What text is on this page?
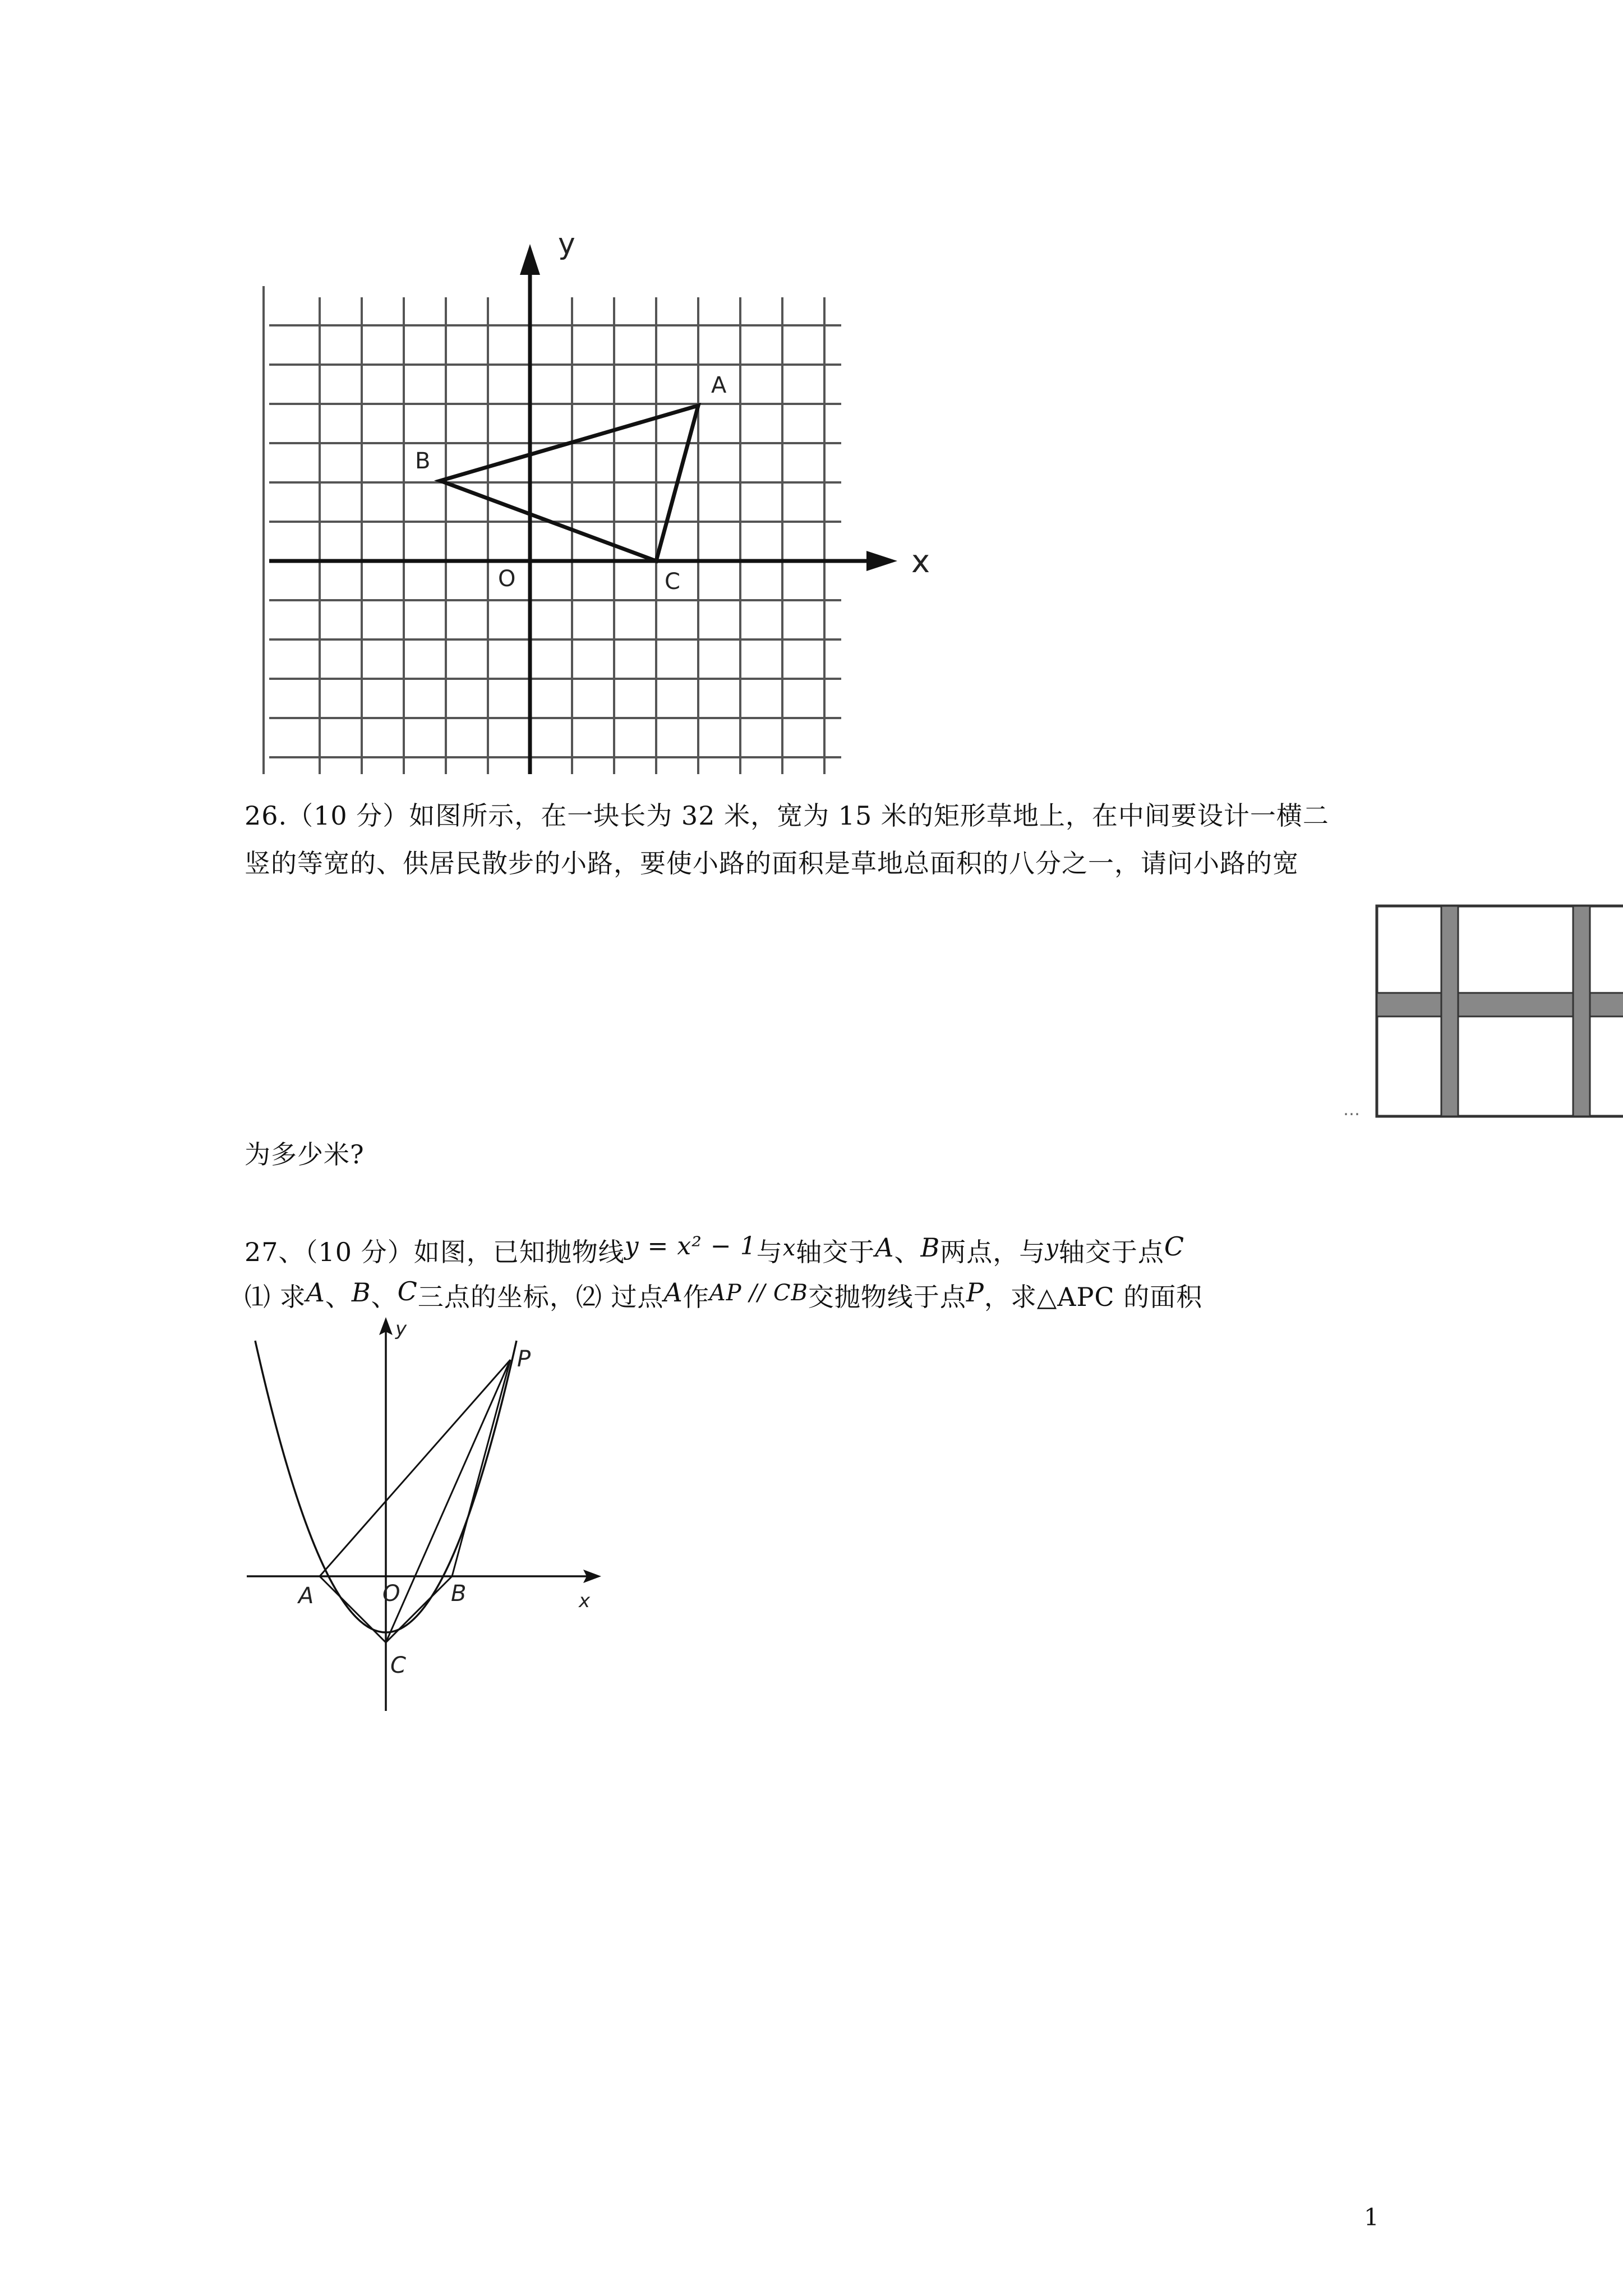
y
x
A
B
C
O
26.（10 分）如图所示，在一块长为 32 米，宽为 15 米的矩形草地上，在中间要设计一横二
竖的等宽的、供居民散步的小路，要使小路的面积是草地总面积的八分之一，请问小路的宽
…
为多少米?
27、（10 分）如图，已知抛物线y = x² − 1与x轴交于A、B两点，与y轴交于点C
⑴ 求A、B、C三点的坐标，⑵ 过点A作AP // CB交抛物线于点P，求△APC 的面积
y
x
A	O B
C
P
1
